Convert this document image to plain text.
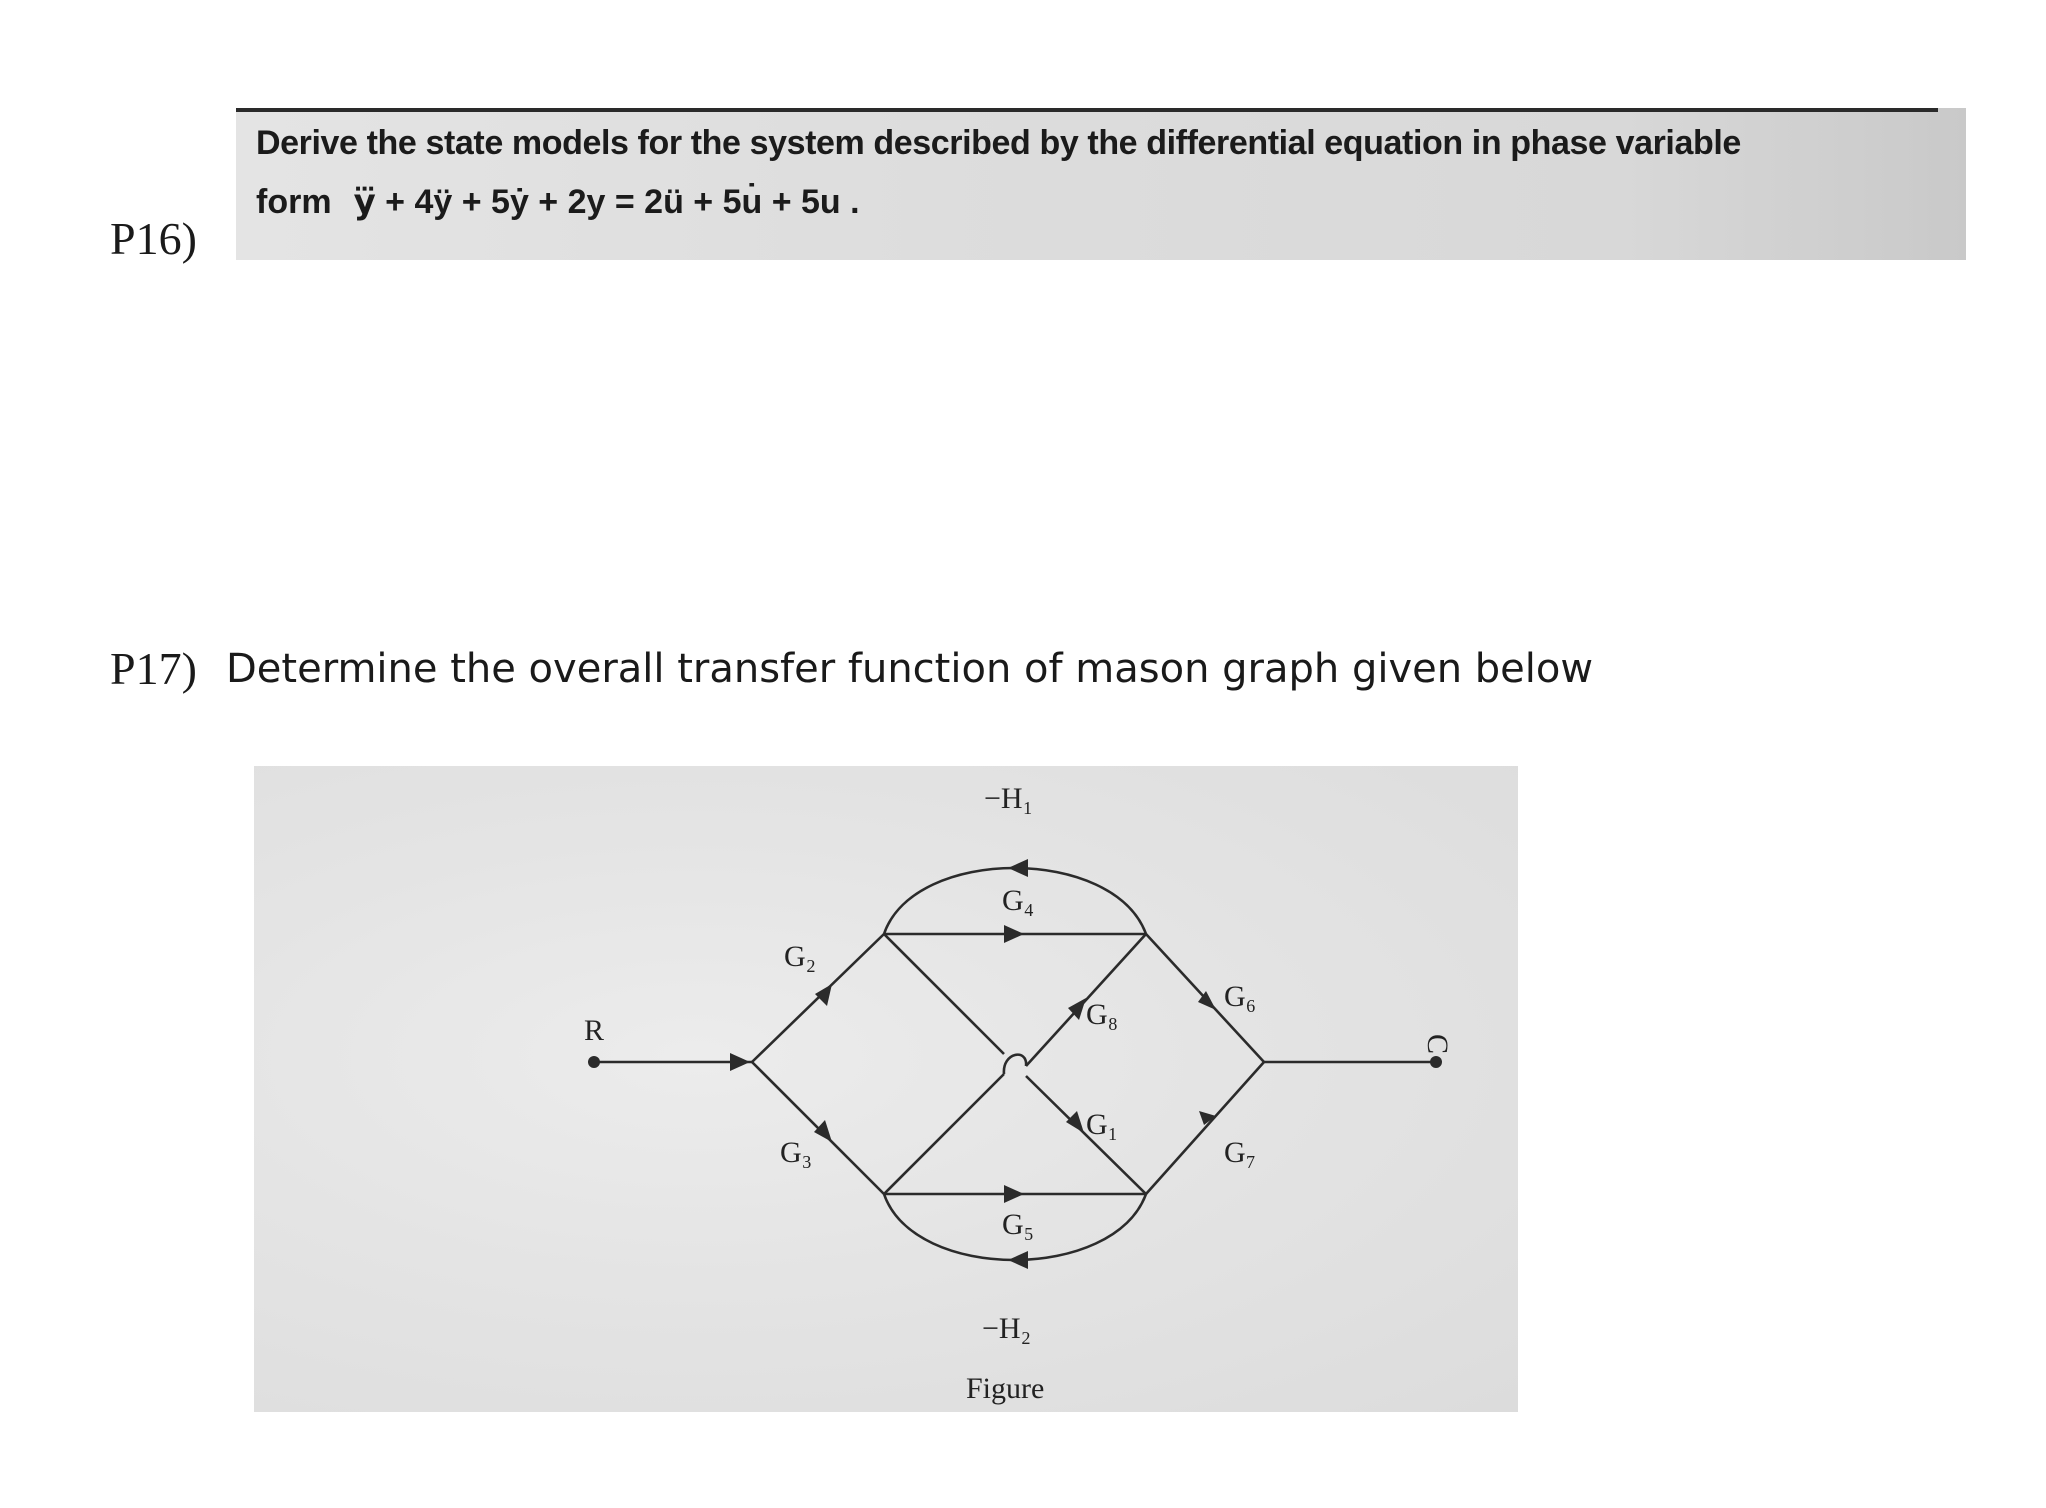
P16)
Derive the state models for the system described by the differential equation in phase variable
form y⃛ + 4ÿ + 5ẏ + 2y = 2ü + 5u̇ + 5u .
P17) Determine the overall transfer function of mason graph given below
R	C
−H₁
G₄
G₂
G₆
G₈
G₁
G₃	G₇
G₅
−H₂
Figure
